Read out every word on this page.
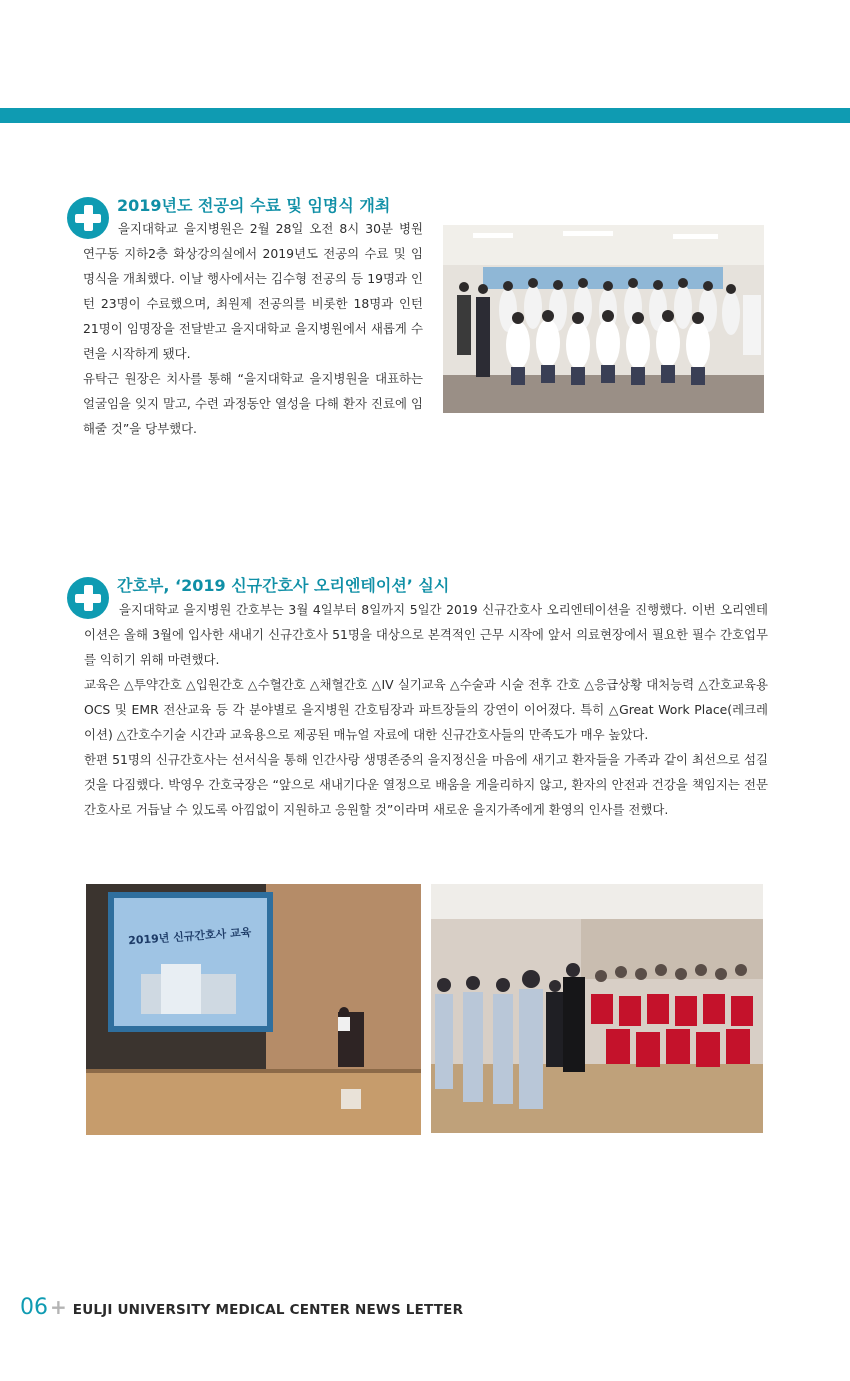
2019년도 전공의 수료 및 임명식 개최

을지대학교 을지병원은 2월 28일 오전 8시 30분 병원 연구동 지하2층 화상강의실에서 2019년도 전공의 수료 및 임명식을 개최했다. 이날 행사에서는 김수형 전공의 등 19명과 인턴 23명이 수료했으며, 최원제 전공의를 비롯한 18명과 인턴 21명이 임명장을 전달받고 을지대학교 을지병원에서 새롭게 수련을 시작하게 됐다.

유탁근 원장은 치사를 통해 “을지대학교 을지병원을 대표하는 얼굴임을 잊지 말고, 수련 과정동안 열성을 다해 환자 진료에 임해줄 것”을 당부했다.

간호부, ‘2019 신규간호사 오리엔테이션’ 실시

을지대학교 을지병원 간호부는 3월 4일부터 8일까지 5일간 2019 신규간호사 오리엔테이션을 진행했다. 이번 오리엔테이션은 올해 3월에 입사한 새내기 신규간호사 51명을 대상으로 본격적인 근무 시작에 앞서 의료현장에서 필요한 필수 간호업무를 익히기 위해 마련했다.

교육은 △투약간호 △입원간호 △수혈간호 △채혈간호 △IV 실기교육 △수술과 시술 전후 간호 △응급상황 대처능력 △간호교육용 OCS 및 EMR 전산교육 등 각 분야별로 을지병원 간호팀장과 파트장들의 강연이 이어졌다. 특히 △Great Work Place(레크레이션) △간호수기술 시간과 교육용으로 제공된 매뉴얼 자료에 대한 신규간호사들의 만족도가 매우 높았다.

한편 51명의 신규간호사는 선서식을 통해 인간사랑 생명존중의 을지정신을 마음에 새기고 환자들을 가족과 같이 최선으로 섬길 것을 다짐했다. 박영우 간호국장은 “앞으로 새내기다운 열정으로 배움을 게을리하지 않고, 환자의 안전과 건강을 책임지는 전문 간호사로 거듭날 수 있도록 아낌없이 지원하고 응원할 것”이라며 새로운 을지가족에게 환영의 인사를 전했다.

2019년 신규간호사 교육
06 + EULJI UNIVERSITY MEDICAL CENTER NEWS LETTER
